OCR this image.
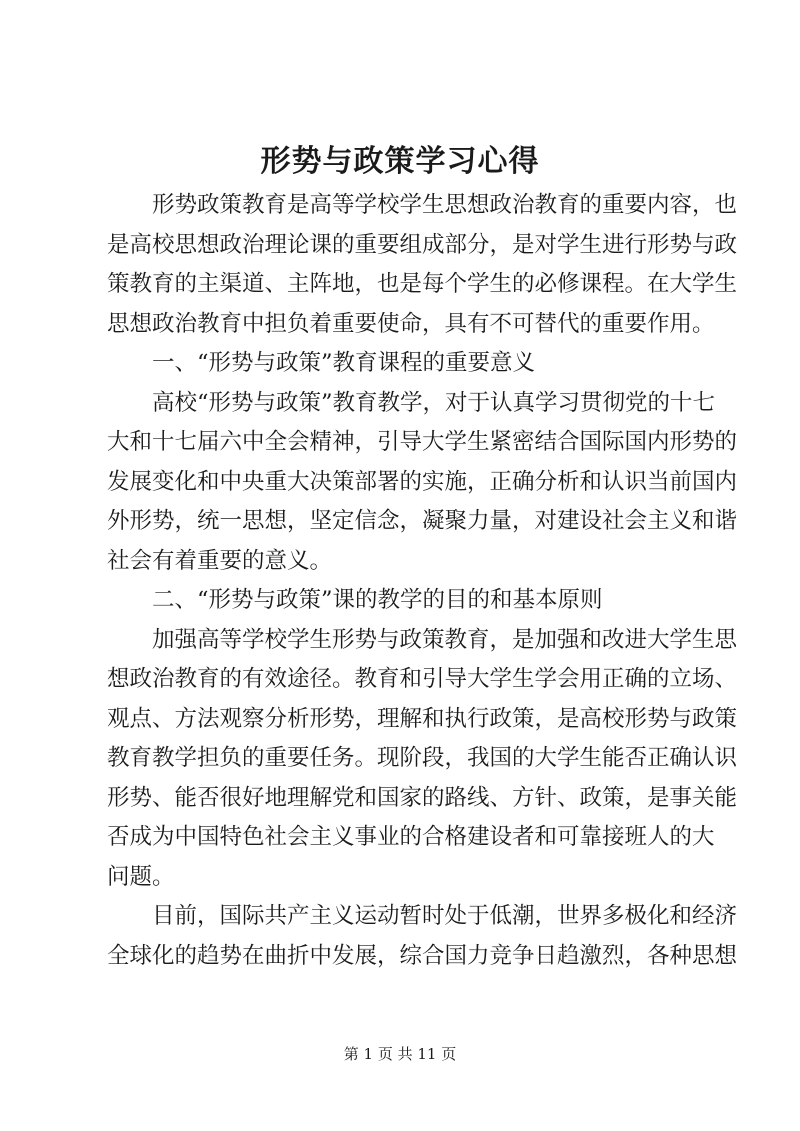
形势与政策学习心得
形势政策教育是高等学校学生思想政治教育的重要内容，也
是高校思想政治理论课的重要组成部分，是对学生进行形势与政
策教育的主渠道、主阵地，也是每个学生的必修课程。在大学生
思想政治教育中担负着重要使命，具有不可替代的重要作用。
一、“形势与政策”教育课程的重要意义
高校“形势与政策”教育教学，对于认真学习贯彻党的十七
大和十七届六中全会精神，引导大学生紧密结合国际国内形势的
发展变化和中央重大决策部署的实施，正确分析和认识当前国内
外形势，统一思想，坚定信念，凝聚力量，对建设社会主义和谐
社会有着重要的意义。
二、“形势与政策”课的教学的目的和基本原则
加强高等学校学生形势与政策教育，是加强和改进大学生思
想政治教育的有效途径。教育和引导大学生学会用正确的立场、
观点、方法观察分析形势，理解和执行政策，是高校形势与政策
教育教学担负的重要任务。现阶段，我国的大学生能否正确认识
形势、能否很好地理解党和国家的路线、方针、政策，是事关能
否成为中国特色社会主义事业的合格建设者和可靠接班人的大
问题。
目前，国际共产主义运动暂时处于低潮，世界多极化和经济
全球化的趋势在曲折中发展，综合国力竞争日趋激烈，各种思想
第 1 页 共 11 页
